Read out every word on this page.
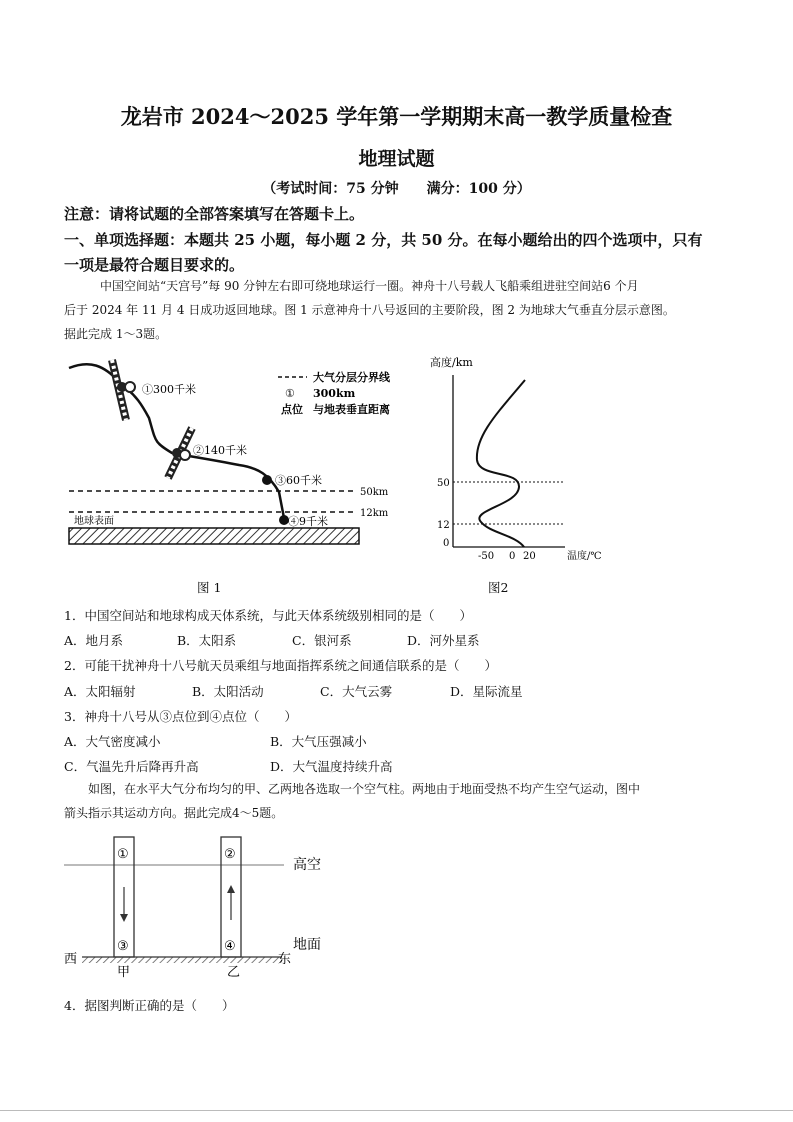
龙岩市 2024～2025 学年第一学期期末高一教学质量检查
地理试题
（考试时间：75 分钟　　满分：100 分）
注意：请将试题的全部答案填写在答题卡上。
一、单项选择题：本题共 25 小题，每小题 2 分，共 50 分。在每小题给出的四个选项中，只有
一项是最符合题目要求的。
中国空间站“天宫号”每 90 分钟左右即可绕地球运行一圈。神舟十八号载人飞船乘组进驻空间站6 个月
后于 2024 年 11 月 4 日成功返回地球。图 1 示意神舟十八号返回的主要阶段，图 2 为地球大气垂直分层示意图。
据此完成 1～3题。
①300千米
②140千米
③60千米
④9千米
50km
12km
地球表面
大气分层分界线
① 300km
点位 与地表垂直距离
图 1
高度/km
50
12
0
-50 0 20	温度/℃
图2
1．中国空间站和地球构成天体系统，与此天体系统级别相同的是（　　）
A．地月系	B．太阳系	C．银河系	D．河外星系
2．可能干扰神舟十八号航天员乘组与地面指挥系统之间通信联系的是（　　）
A．太阳辐射	B．太阳活动	C．大气云雾	D．星际流星
3．神舟十八号从③点位到④点位（　　）
A．大气密度减小	B．大气压强减小
C．气温先升后降再升高	D．大气温度持续升高
如图，在水平大气分布均匀的甲、乙两地各选取一个空气柱。两地由于地面受热不均产生空气运动，图中
箭头指示其运动方向。据此完成4～5题。
①	②
③	④
高空
地面
西	东
甲	乙
4．据图判断正确的是（　　）
